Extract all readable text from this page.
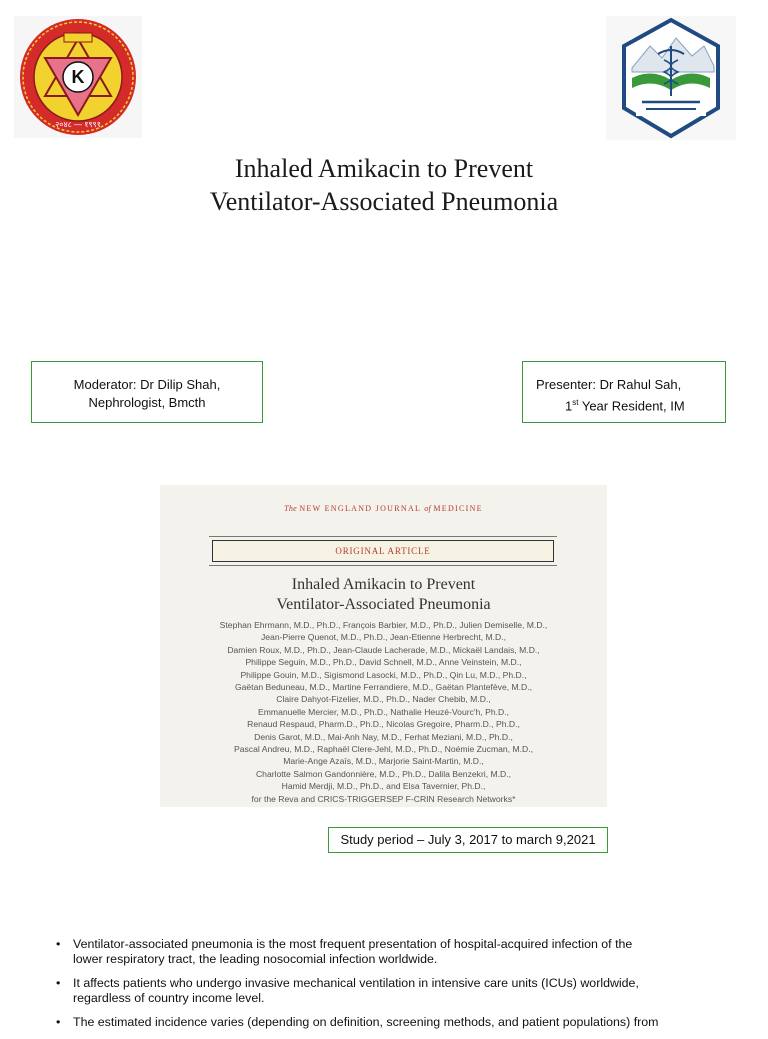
K
२०४८ — १९९१
Inhaled Amikacin to Prevent
Ventilator-Associated Pneumonia
Moderator: Dr Dilip Shah,
Nephrologist, Bmcth
Presenter: Dr Rahul Sah,
1st Year Resident, IM
The NEW ENGLAND JOURNAL of MEDICINE
ORIGINAL ARTICLE
Inhaled Amikacin to Prevent
Ventilator-Associated Pneumonia
Stephan Ehrmann, M.D., Ph.D., François Barbier, M.D., Ph.D., Julien Demiselle, M.D.,
Jean-Pierre Quenot, M.D., Ph.D., Jean-Etienne Herbrecht, M.D.,
Damien Roux, M.D., Ph.D., Jean-Claude Lacherade, M.D., Mickaël Landais, M.D.,
Philippe Seguin, M.D., Ph.D., David Schnell, M.D., Anne Veinstein, M.D.,
Philippe Gouin, M.D., Sigismond Lasocki, M.D., Ph.D., Qin Lu, M.D., Ph.D.,
Gaëtan Beduneau, M.D., Martine Ferrandiere, M.D., Gaëtan Plantefève, M.D.,
Claire Dahyot-Fizelier, M.D., Ph.D., Nader Chebib, M.D.,
Emmanuelle Mercier, M.D., Ph.D., Nathalie Heuzé-Vourc'h, Ph.D.,
Renaud Respaud, Pharm.D., Ph.D., Nicolas Gregoire, Pharm.D., Ph.D.,
Denis Garot, M.D., Mai-Anh Nay, M.D., Ferhat Meziani, M.D., Ph.D.,
Pascal Andreu, M.D., Raphaël Clere-Jehl, M.D., Ph.D., Noémie Zucman, M.D.,
Marie-Ange Azaïs, M.D., Marjorie Saint-Martin, M.D.,
Charlotte Salmon Gandonnière, M.D., Ph.D., Dalila Benzekri, M.D.,
Hamid Merdji, M.D., Ph.D., and Elsa Tavernier, Ph.D.,
for the Reva and CRICS-TRIGGERSEP F-CRIN Research Networks*
Study period – July 3, 2017 to march 9,2021
• Ventilator-associated pneumonia is the most frequent presentation of hospital-acquired infection of the
lower respiratory tract, the leading nosocomial infection worldwide.
• It affects patients who undergo invasive mechanical ventilation in intensive care units (ICUs) worldwide,
regardless of country income level.
• The estimated incidence varies (depending on definition, screening methods, and patient populations) from
